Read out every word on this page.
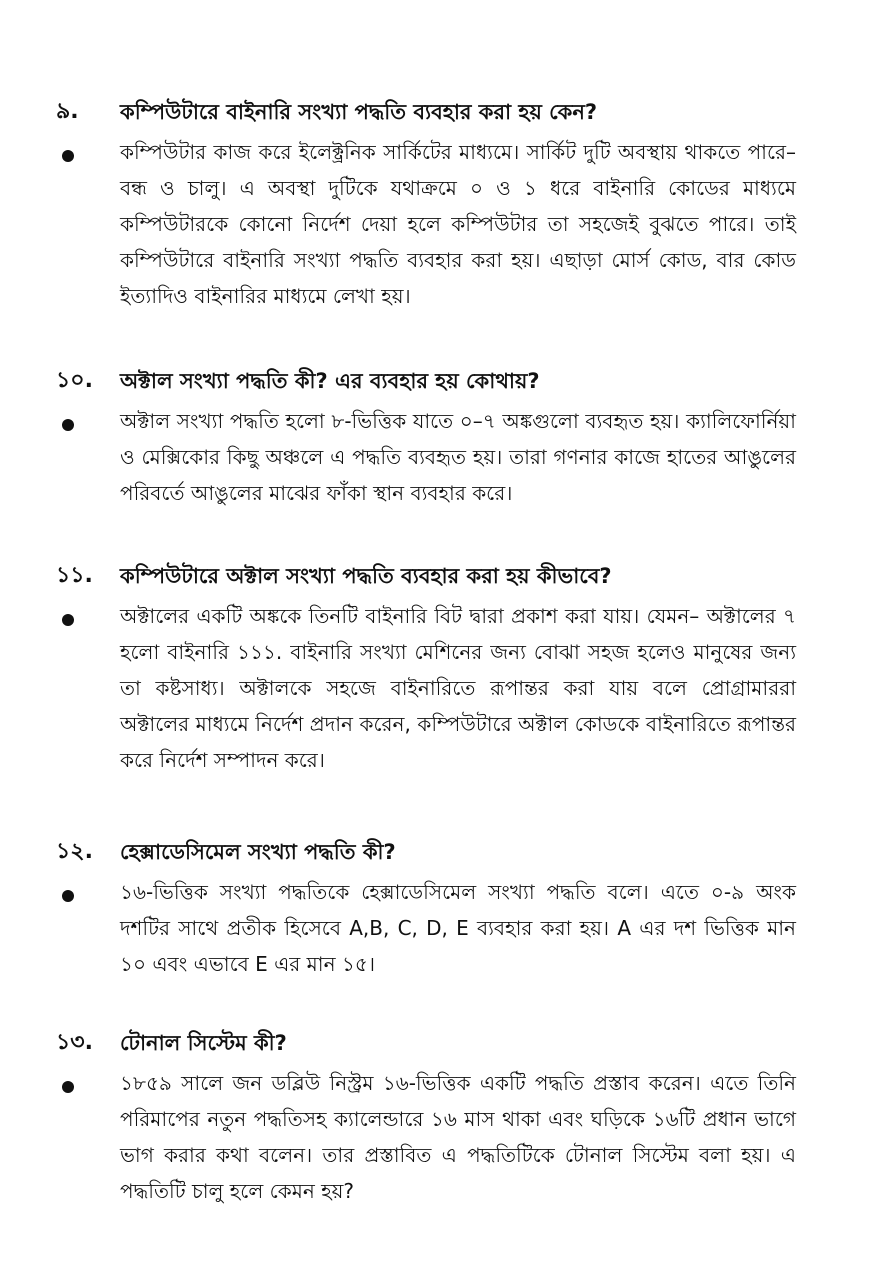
৯. কম্পিউটারে বাইনারি সংখ্যা পদ্ধতি ব্যবহার করা হয় কেন?
কম্পিউটার কাজ করে ইলেক্ট্রনিক সার্কিটের মাধ্যমে। সার্কিট দুটি অবস্থায় থাকতে পারে– বন্ধ ও চালু। এ অবস্থা দুটিকে যথাক্রমে ০ ও ১ ধরে বাইনারি কোডের মাধ্যমে কম্পিউটারকে কোনো নির্দেশ দেয়া হলে কম্পিউটার তা সহজেই বুঝতে পারে। তাই কম্পিউটারে বাইনারি সংখ্যা পদ্ধতি ব্যবহার করা হয়। এছাড়া মোর্স কোড, বার কোড ইত্যাদিও বাইনারির মাধ্যমে লেখা হয়।
১০. অক্টাল সংখ্যা পদ্ধতি কী? এর ব্যবহার হয় কোথায়?
অক্টাল সংখ্যা পদ্ধতি হলো ৮-ভিত্তিক যাতে ০–৭ অঙ্কগুলো ব্যবহৃত হয়। ক্যালিফোর্নিয়া ও মেক্সিকোর কিছু অঞ্চলে এ পদ্ধতি ব্যবহৃত হয়। তারা গণনার কাজে হাতের আঙুলের পরিবর্তে আঙুলের মাঝের ফাঁকা স্থান ব্যবহার করে।
১১. কম্পিউটারে অক্টাল সংখ্যা পদ্ধতি ব্যবহার করা হয় কীভাবে?
অক্টালের একটি অঙ্ককে তিনটি বাইনারি বিট দ্বারা প্রকাশ করা যায়। যেমন– অক্টালের ৭ হলো বাইনারি ১১১. বাইনারি সংখ্যা মেশিনের জন্য বোঝা সহজ হলেও মানুষের জন্য তা কষ্টসাধ্য। অক্টালকে সহজে বাইনারিতে রূপান্তর করা যায় বলে প্রোগ্রামাররা অক্টালের মাধ্যমে নির্দেশ প্রদান করেন, কম্পিউটারে অক্টাল কোডকে বাইনারিতে রূপান্তর করে নির্দেশ সম্পাদন করে।
১২. হেক্সাডেসিমেল সংখ্যা পদ্ধতি কী?
১৬-ভিত্তিক সংখ্যা পদ্ধতিকে হেক্সাডেসিমেল সংখ্যা পদ্ধতি বলে। এতে ০-৯ অংক দশটির সাথে প্রতীক হিসেবে A,B, C, D, E ব্যবহার করা হয়। A এর দশ ভিত্তিক মান ১০ এবং এভাবে E এর মান ১৫।
১৩. টোনাল সিস্টেম কী?
১৮৫৯ সালে জন ডব্লিউ নিস্ট্রম ১৬-ভিত্তিক একটি পদ্ধতি প্রস্তাব করেন। এতে তিনি পরিমাপের নতুন পদ্ধতিসহ ক্যালেন্ডারে ১৬ মাস থাকা এবং ঘড়িকে ১৬টি প্রধান ভাগে ভাগ করার কথা বলেন। তার প্রস্তাবিত এ পদ্ধতিটিকে টোনাল সিস্টেম বলা হয়। এ পদ্ধতিটি চালু হলে কেমন হয়?
